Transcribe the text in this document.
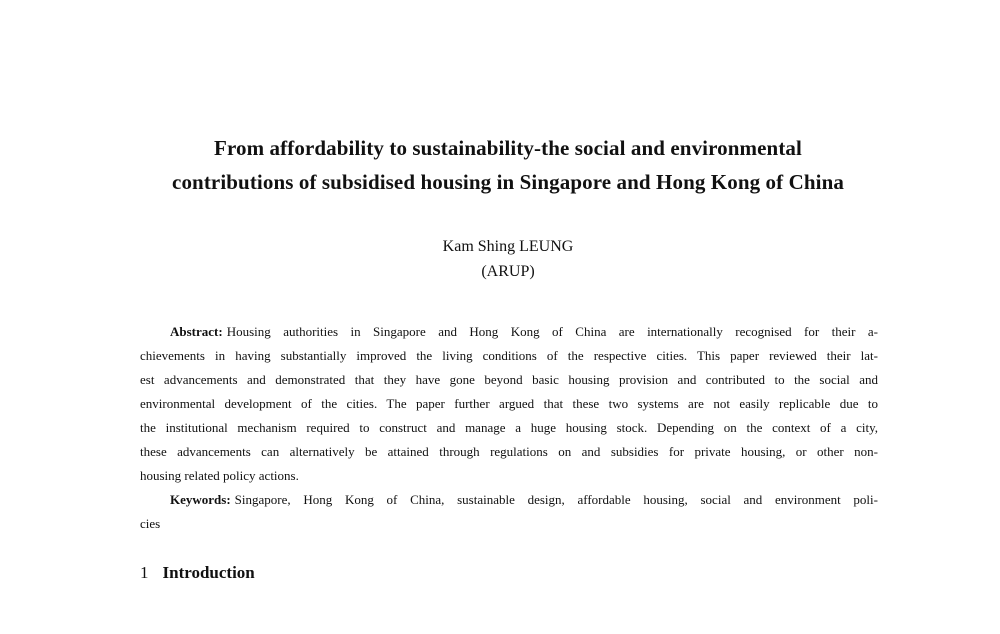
From affordability to sustainability-the social and environmental
contributions of subsidised housing in Singapore and Hong Kong of China
Kam Shing LEUNG
(ARUP)
Abstract: Housing authorities in Singapore and Hong Kong of China are internationally recognised for their a-
chievements in having substantially improved the living conditions of the respective cities. This paper reviewed their lat-
est advancements and demonstrated that they have gone beyond basic housing provision and contributed to the social and
environmental development of the cities. The paper further argued that these two systems are not easily replicable due to
the institutional mechanism required to construct and manage a huge housing stock. Depending on the context of a city,
these advancements can alternatively be attained through regulations on and subsidies for private housing, or other non-
housing related policy actions.
Keywords: Singapore, Hong Kong of China, sustainable design, affordable housing, social and environment poli-
cies
1 Introduction
